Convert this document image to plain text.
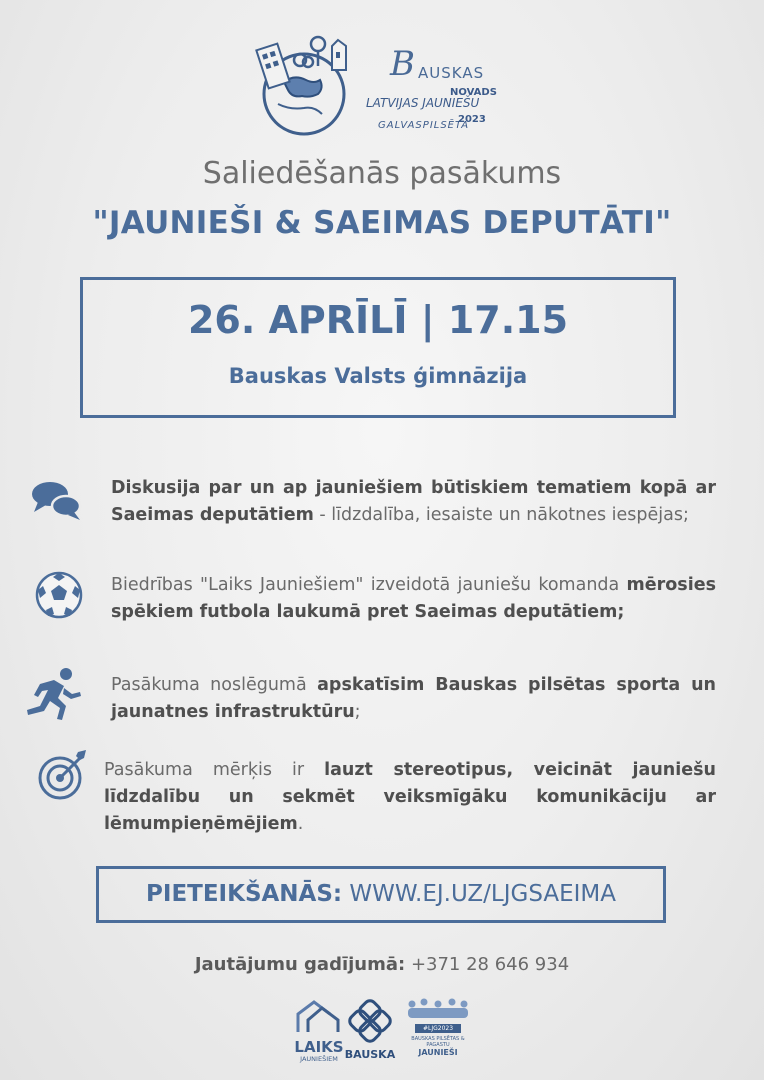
B AUSKAS
NOVADS
LATVIJAS JAUNIEŠU
GALVASPILSĒTA
2023
Saliedēšanās pasākums
"JAUNIEŠI & SAEIMAS DEPUTĀTI"
26. APRĪLĪ | 17.15
Bauskas Valsts ģimnāzija
Diskusija par un ap jauniešiem būtiskiem tematiem kopā ar Saeimas deputātiem - līdzdalība, iesaiste un nākotnes iespējas;
Biedrības "Laiks Jauniešiem" izveidotā jauniešu komanda mērosies spēkiem futbola laukumā pret Saeimas deputātiem;
Pasākuma noslēgumā apskatīsim Bauskas pilsētas sporta un jaunatnes infrastruktūru;
Pasākuma mērķis ir lauzt stereotipus, veicināt jauniešu līdzdalību un sekmēt veiksmīgāku komunikāciju ar lēmumpieņēmējiem.
PIETEIKŠANĀS: WWW.EJ.UZ/LJGSAEIMA
Jautājumu gadījumā: +371 28 646 934
LAIKS
JAUNIEŠIEM BAUSKA
#LJG2023
BAUSKAS PILSĒTAS & PAGASTU
JAUNIEŠI
